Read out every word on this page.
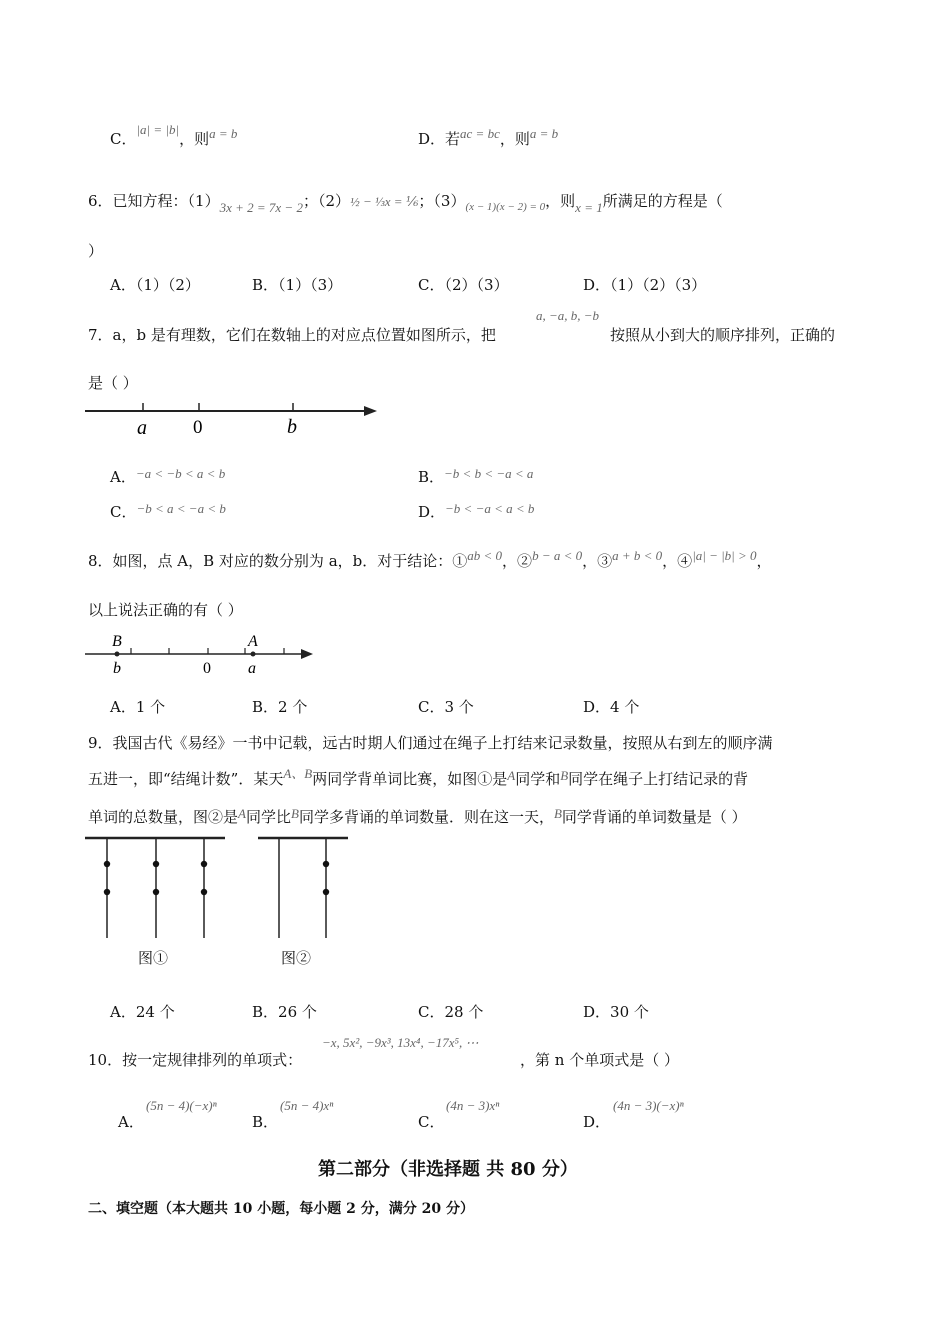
C．|a| = |b|，则a = b	D．若ac = bc，则a = b
6．已知方程：（1）3x + 2 = 7x − 2；（2）½ − ⅓x = ⅙；$(3)_{(x - 1)(x - 2) = 0}$，则x = 1所满足的方程是（
）
A．（1）（2）	B．（1）（3）	C．（2）（3）	D．（1）（2）（3）
7．a，b 是有理数，它们在数轴上的对应点位置如图所示，把
a, −a, b, −b
按照从小到大的顺序排列，正确的
是（ ）
a 0	b
A．−a < −b < a < b	B．−b < b < −a < a
C．−b < a < −a < b	D．−b < −a < a < b
8．如图，点 A，B 对应的数分别为 a，b．对于结论：①ab < 0，②b − a < 0，③a + b < 0，④|a| − |b| > 0，
以上说法正确的有（ ）
B
b	0
A
a
A．1 个	B．2 个	C．3 个	D．4 个
9．我国古代《易经》一书中记载，远古时期人们通过在绳子上打结来记录数量，按照从右到左的顺序满
五进一，即“结绳计数”．某天A、B两同学背单词比赛，如图①是A同学和B同学在绳子上打结记录的背
单词的总数量，图②是A同学比B同学多背诵的单词数量．则在这一天，B同学背诵的单词数量是（ ）
图①	图②
A．24 个	B．26 个	C．28 个	D．30 个
10．按一定规律排列的单项式：
−x, 5x², −9x³, 13x⁴, −17x⁵, ⋯
，第 n 个单项式是（ ）
A．
(5n − 4)(−x)ⁿ
B．
(5n − 4)xⁿ
C．
(4n − 3)xⁿ
D．
(4n − 3)(−x)ⁿ
第二部分（非选择题 共 80 分）
二、填空题（本大题共 10 小题，每小题 2 分，满分 20 分）
